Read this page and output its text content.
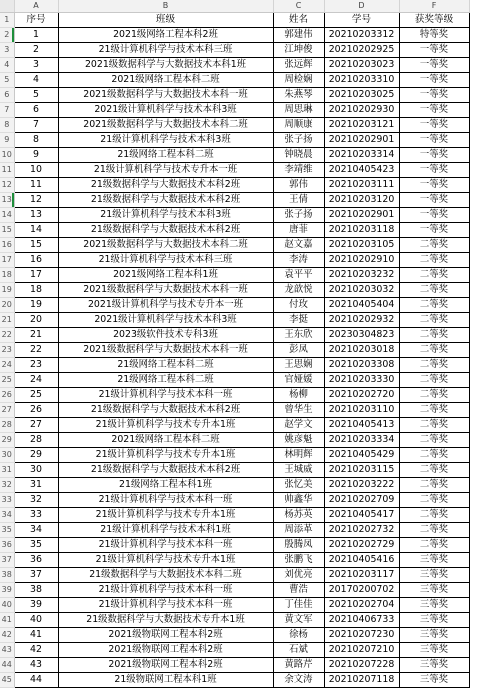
	A	B	C	D	F
1	序号	班级	姓名	学号	获奖等级
2	1	2021级网络工程本科2班	郭建伟	20210203312	特等奖
3	2	21级计算机科学与技术本科三班	江坤俊	20210202925	一等奖
4	3	2021级数据科学与大数据技术本科1班	张远辉	20210203023	一等奖
5	4	2021级网络工程本科二班	周检娴	20210203310	一等奖
6	5	2021级数据科学与大数据技术本科一班	朱燕琴	20210203025	一等奖
7	6	2021级计算机科学与技术本科3班	周思琳	20210202930	一等奖
8	7	2021级数据科学与大数据技术本科二班	周顺康	20210203121	一等奖
9	8	21级计算机科学与技术本科3班	张子扬	20210202901	一等奖
10	9	21级网络工程本科二班	钟晓晨	20210203314	一等奖
11	10	21级计算机科学与技术专升本一班	李靖维	20210405423	一等奖
12	11	21级数据科学与大数据技术本科2班	郭伟	20210203111	一等奖
13	12	21级数据科学与大数据技术本科2班	王倩	20210203120	一等奖
14	13	21级计算机科学与技术本科3班	张子扬	20210202901	一等奖
15	14	21级数据科学与大数据技术本科2班	唐菲	20210203118	一等奖
16	15	2021级数据科学与大数据技术本科二班	赵文嘉	20210203105	二等奖
17	16	21级计算机科学与技术本科三班	李涛	20210202910	二等奖
18	17	2021级网络工程本科1班	袁平平	20210203232	二等奖
19	18	2021级数据科学与大数据技术本科一班	龙歆悦	20210203032	二等奖
20	19	2021级计算机科学与技术专升本一班	付玫	20210405404	二等奖
21	20	2021级计算机科学与技术本科3班	李挺	20210202932	二等奖
22	21	2023级软件技术专科3班	王东欣	20230304823	二等奖
23	22	2021级数据科学与大数据技术本科一班	彭凤	20210203018	二等奖
24	23	21级网络工程本科二班	王思娴	20210203308	二等奖
25	24	21级网络工程本科二班	官娅媛	20210203330	二等奖
26	25	21级计算机科学与技术本科一班	杨柳	20210202720	二等奖
27	26	21级数据科学与大数据技术本科2班	曾华生	20210203110	二等奖
28	27	21级计算机科学与技术专升本1班	赵学文	20210405413	二等奖
29	28	2021级网络工程本科二班	姚彦魁	20210203334	二等奖
30	29	21级计算机科学与技术专升本1班	林明辉	20210405429	二等奖
31	30	21级数据科学与大数据技术本科2班	王城威	20210203115	二等奖
32	31	21级网络工程本科1班	张忆美	20210203222	二等奖
33	32	21级计算机科学与技术本科一班	帅鑫华	20210202709	二等奖
34	33	21级计算机科学与技术专升本1班	杨苏英	20210405417	二等奖
35	34	21级计算机科学与技术本科1班	周添革	20210202732	二等奖
36	35	21级计算机科学与技术本科一班	殷腾凤	20210202729	二等奖
37	36	21级计算机科学与技术专升本1班	张鹏飞	20210405416	三等奖
38	37	21级数据科学与大数据技术本科二班	刘优亮	20210203117	三等奖
39	38	21级计算机科学与技术本科一班	曹浩	20170200702	三等奖
40	39	21级计算机科学与技术本科一班	丁佳佳	20210202704	三等奖
41	40	21级数据科学与大数据技术专升本1班	黄文军	20210406733	三等奖
42	41	2021级物联网工程本科2班	徐杨	20210207230	三等奖
43	42	2021级物联网工程本科2班	石斌	20210207210	三等奖
44	43	2021级物联网工程本科2班	黄路芹	20210207228	三等奖
45	44	21级物联网工程本科1班	余文涛	20210207118	三等奖
